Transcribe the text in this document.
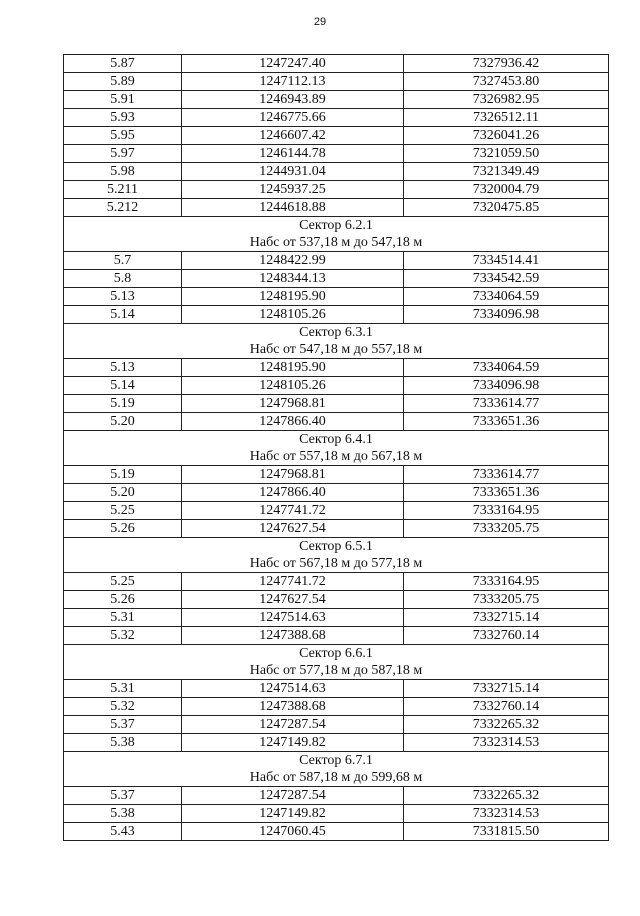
29
5.87	1247247.40	7327936.42
5.89	1247112.13	7327453.80
5.91	1246943.89	7326982.95
5.93	1246775.66	7326512.11
5.95	1246607.42	7326041.26
5.97	1246144.78	7321059.50
5.98	1244931.04	7321349.49
5.211	1245937.25	7320004.79
5.212	1244618.88	7320475.85
Сектор 6.2.1		
Набс от 537,18 м до 547,18 м		
5.7	1248422.99	7334514.41
5.8	1248344.13	7334542.59
5.13	1248195.90	7334064.59
5.14	1248105.26	7334096.98
Сектор 6.3.1		
Набс от 547,18 м до 557,18 м		
5.13	1248195.90	7334064.59
5.14	1248105.26	7334096.98
5.19	1247968.81	7333614.77
5.20	1247866.40	7333651.36
Сектор 6.4.1		
Набс от 557,18 м до 567,18 м		
5.19	1247968.81	7333614.77
5.20	1247866.40	7333651.36
5.25	1247741.72	7333164.95
5.26	1247627.54	7333205.75
Сектор 6.5.1		
Набс от 567,18 м до 577,18 м		
5.25	1247741.72	7333164.95
5.26	1247627.54	7333205.75
5.31	1247514.63	7332715.14
5.32	1247388.68	7332760.14
Сектор 6.6.1		
Набс от 577,18 м до 587,18 м		
5.31	1247514.63	7332715.14
5.32	1247388.68	7332760.14
5.37	1247287.54	7332265.32
5.38	1247149.82	7332314.53
Сектор 6.7.1		
Набс от 587,18 м до 599,68 м		
5.37	1247287.54	7332265.32
5.38	1247149.82	7332314.53
5.43	1247060.45	7331815.50
